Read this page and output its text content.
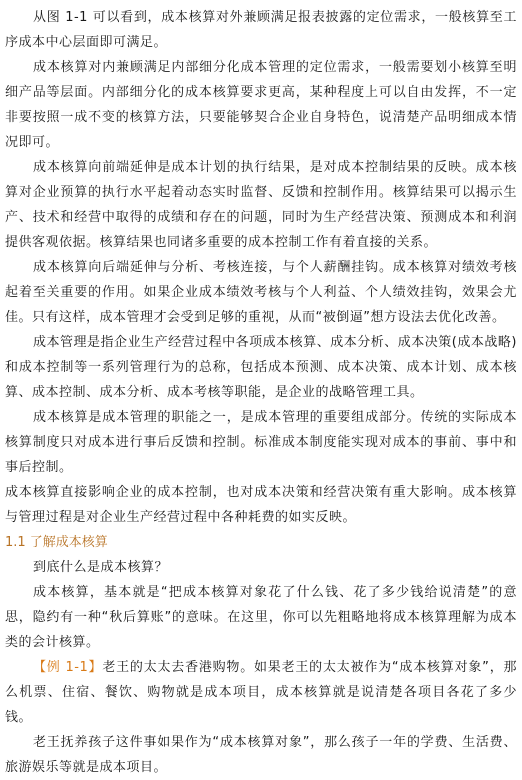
从图 1-1 可以看到，成本核算对外兼顾满足报表披露的定位需求，一般核算至工序成本中心层面即可满足。

成本核算对内兼顾满足内部细分化成本管理的定位需求，一般需要划小核算至明细产品等层面。内部细分化的成本核算要求更高，某种程度上可以自由发挥，不一定非要按照一成不变的核算方法，只要能够契合企业自身特色，说清楚产品明细成本情况即可。

成本核算向前端延伸是成本计划的执行结果，是对成本控制结果的反映。成本核算对企业预算的执行水平起着动态实时监督、反馈和控制作用。核算结果可以揭示生产、技术和经营中取得的成绩和存在的问题，同时为生产经营决策、预测成本和利润提供客观依据。核算结果也同诸多重要的成本控制工作有着直接的关系。

成本核算向后端延伸与分析、考核连接，与个人薪酬挂钩。成本核算对绩效考核起着至关重要的作用。如果企业成本绩效考核与个人利益、个人绩效挂钩，效果会尤佳。只有这样，成本管理才会受到足够的重视，从而“被倒逼”想方设法去优化改善。

成本管理是指企业生产经营过程中各项成本核算、成本分析、成本决策(成本战略)和成本控制等一系列管理行为的总称，包括成本预测、成本决策、成本计划、成本核算、成本控制、成本分析、成本考核等职能，是企业的战略管理工具。

成本核算是成本管理的职能之一，是成本管理的重要组成部分。传统的实际成本核算制度只对成本进行事后反馈和控制。标准成本制度能实现对成本的事前、事中和事后控制。

成本核算直接影响企业的成本控制，也对成本决策和经营决策有重大影响。成本核算与管理过程是对企业生产经营过程中各种耗费的如实反映。

1.1 了解成本核算

到底什么是成本核算？

成本核算，基本就是“把成本核算对象花了什么钱、花了多少钱给说清楚”的意思，隐约有一种“秋后算账”的意味。在这里，你可以先粗略地将成本核算理解为成本类的会计核算。

【例 1-1】老王的太太去香港购物。如果老王的太太被作为“成本核算对象”，那么机票、住宿、餐饮、购物就是成本项目，成本核算就是说清楚各项目各花了多少钱。

老王抚养孩子这件事如果作为“成本核算对象”，那么孩子一年的学费、生活费、旅游娱乐等就是成本项目。
